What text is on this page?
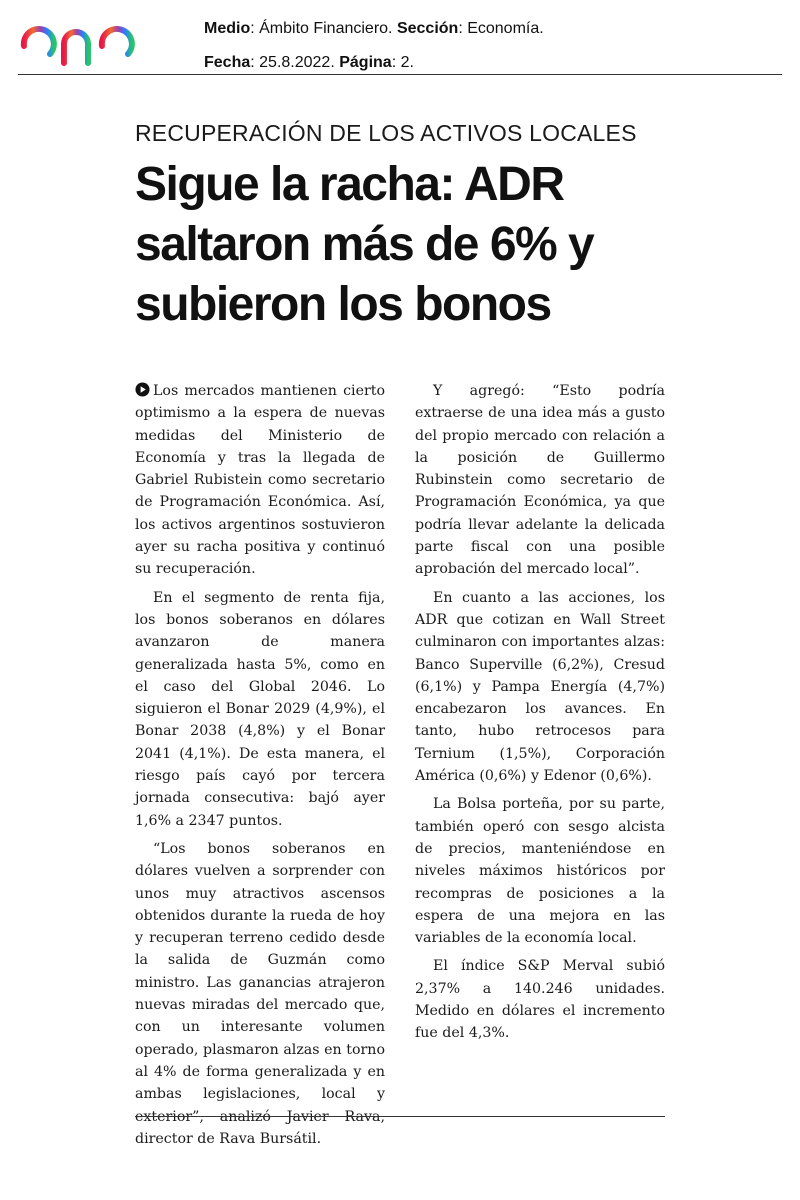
Medio: Ámbito Financiero. Sección: Economía.
Fecha: 25.8.2022. Página: 2.
RECUPERACIÓN DE LOS ACTIVOS LOCALES
Sigue la racha: ADR
saltaron más de 6% y
subieron los bonos

Los mercados mantienen cierto optimismo a la espera de nuevas medidas del Ministerio de Economía y tras la llegada de Gabriel Rubistein como secretario de Programación Económica. Así, los activos argentinos sostuvieron ayer su racha positiva y continuó su recuperación.

En el segmento de renta fija, los bonos soberanos en dólares avanzaron de manera generalizada hasta 5%, como en el caso del Global 2046. Lo siguieron el Bonar 2029 (4,9%), el Bonar 2038 (4,8%) y el Bonar 2041 (4,1%). De esta manera, el riesgo país cayó por tercera jornada consecutiva: bajó ayer 1,6% a 2347 puntos.

“Los bonos soberanos en dólares vuelven a sorprender con unos muy atractivos ascensos obtenidos durante la rueda de hoy y recuperan terreno cedido desde la salida de Guzmán como ministro. Las ganancias atrajeron nuevas miradas del mercado que, con un interesante volumen operado, plasmaron alzas en torno al 4% de forma generalizada y en ambas legislaciones, local y exterior”, analizó Javier Rava, director de Rava Bursátil.

Y agregó: “Esto podría extraerse de una idea más a gusto del propio mercado con relación a la posición de Guillermo Rubinstein como secretario de Programación Económica, ya que podría llevar adelante la delicada parte fiscal con una posible aprobación del mercado local”.

En cuanto a las acciones, los ADR que cotizan en Wall Street culminaron con importantes alzas: Banco Superville (6,2%), Cresud (6,1%) y Pampa Energía (4,7%) encabezaron los avances. En tanto, hubo retrocesos para Ternium (1,5%), Corporación América (0,6%) y Edenor (0,6%).

La Bolsa porteña, por su parte, también operó con sesgo alcista de precios, manteniéndose en niveles máximos históricos por recompras de posiciones a la espera de una mejora en las variables de la economía local.

El índice S&P Merval subió 2,37% a 140.246 unidades. Medido en dólares el incremento fue del 4,3%.
